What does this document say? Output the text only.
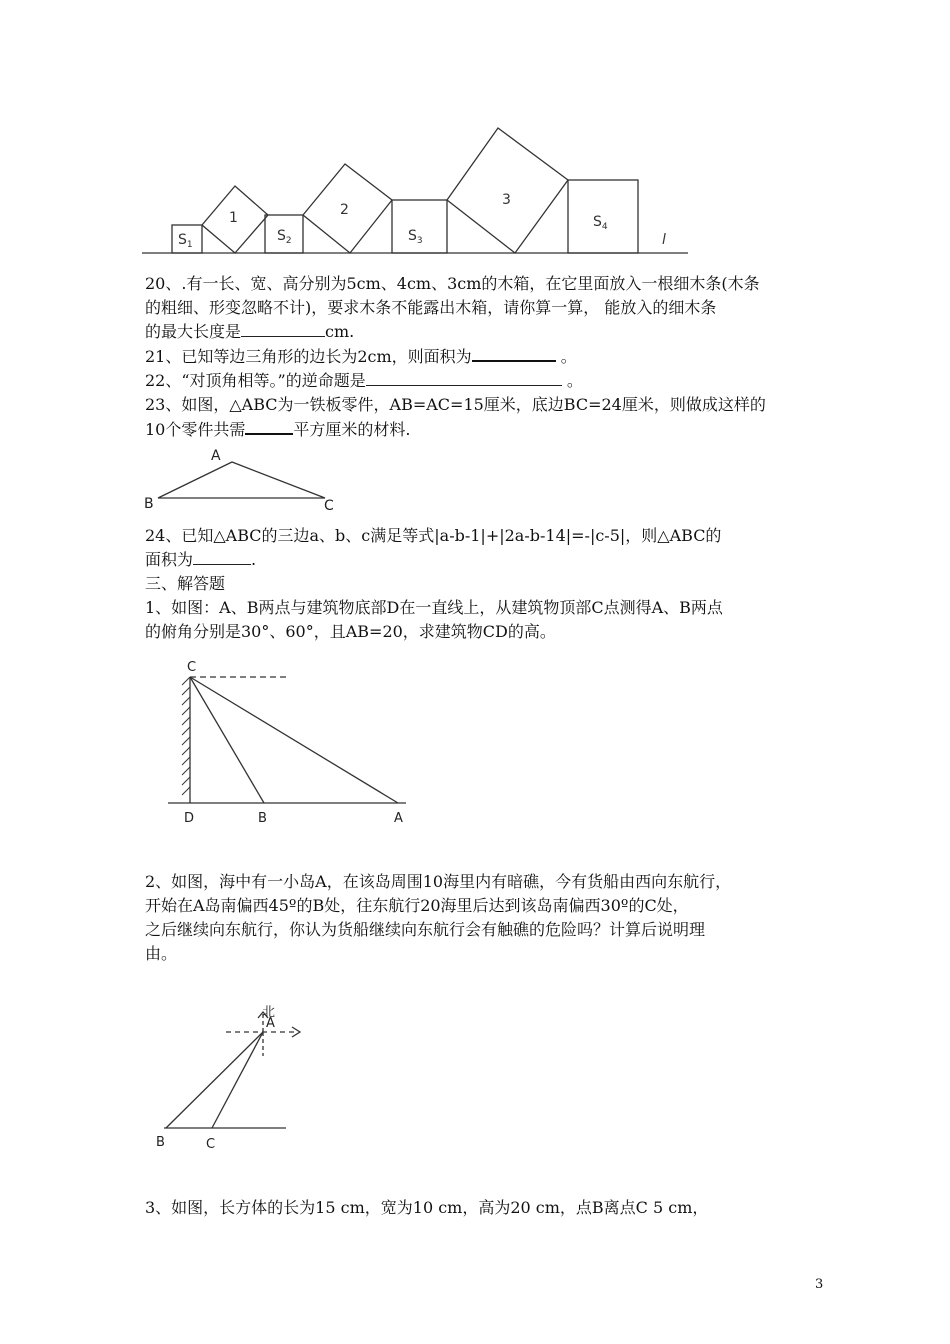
$S_1$
1
$S_2$
2
$S_3$
3
$S_4$
l
20、.有一长、宽、高分别为5cm、4cm、3cm的木箱，在它里面放入一根细木条(木条
的粗细、形变忽略不计)，要求木条不能露出木箱，请你算一算， 能放入的细木条
的最大长度是	cm.
21、已知等边三角形的边长为2cm，则面积为	。
22、“对顶角相等。”的逆命题是	。
23、如图，△ABC为一铁板零件，AB=AC=15厘米，底边BC=24厘米，则做成这样的
10个零件共需	平方厘米的材料.
A
B	C
24、已知△ABC的三边a、b、c满足等式|a-b-1|+|2a-b-14|=-|c-5|，则△ABC的
面积为	.
三、解答题
1、如图：A、B两点与建筑物底部D在一直线上，从建筑物顶部C点测得A、B两点
的俯角分别是30°、60°，且AB=20，求建筑物CD的高。
C
D	B	A
2、如图，海中有一小岛A，在该岛周围10海里内有暗礁，今有货船由西向东航行，
开始在A岛南偏西45º的B处，往东航行20海里后达到该岛南偏西30º的C处，
之后继续向东航行，你认为货船继续向东航行会有触礁的危险吗？计算后说明理
由。
北
A
B	C
3、如图，长方体的长为15 cm，宽为10 cm，高为20 cm，点B离点C 5 cm，
3
